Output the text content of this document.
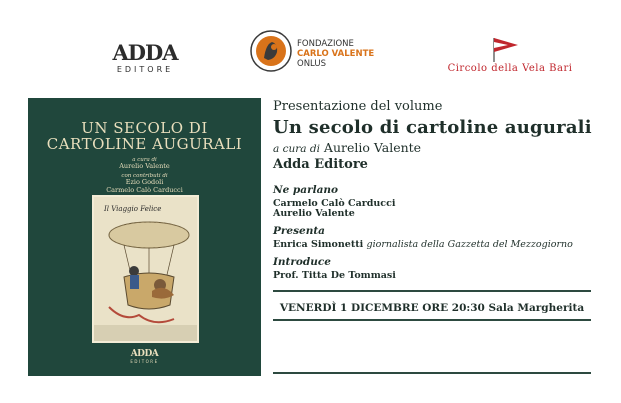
ADDA
EDITORE
FONDAZIONE
CARLO VALENTE
ONLUS	Circolo della Vela Bari
UN SECOLO DI
CARTOLINE AUGURALI
a cura di
Aurelio Valente
con contributi di
Ezio Godoli
Carmelo Calò Carducci
Il Viaggio Felice
ADDA
EDITORE
Presentazione del volume
Un secolo di cartoline augurali
a cura di Aurelio Valente
Adda Editore
Ne parlano
Carmelo Calò Carducci
Aurelio Valente
Presenta
Enrica Simonetti giornalista della Gazzetta del Mezzogiorno
Introduce
Prof. Titta De Tommasi
VENERDÌ 1 DICEMBRE ORE 20:30 Sala Margherita
